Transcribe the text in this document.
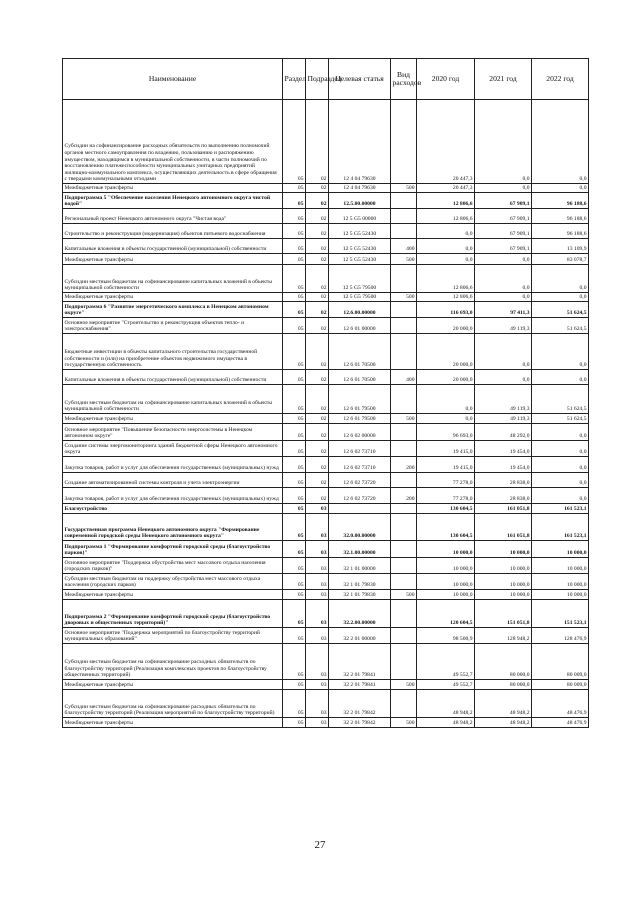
Наименование	Раздел	Подраздел	Целевая статья	Вид расходов	2020 год	2021 год	2022 год
Субсидии на софинансирование расходных обязательств по выполнению полномочий органов местного самоуправления по владению, пользованию и распоряжению имуществом, находящимся в муниципальной собственности, в части полномочий по восстановлению платежеспособности муниципальных унитарных предприятий жилищно-коммунального комплекса, осуществляющих деятельность в сфере обращения с твердыми коммунальными отходами	05	02	12 4 04 79630		20 447,3	0,0	0,0
Межбюджетные трансферты	05	02	12 4 04 79630	500	20 447,3	0,0	0,0
Подпрограмма 5 "Обеспечение населения Ненецкого автономного округа чистой водой"	05	02	12.5.00.00000		12 806,6	67 909,1	96 188,6
Региональный проект Ненецкого автономного округа "Чистая вода"	05	02	12 5 G5 00000		12 806,6	67 909,1	96 188,6
Строительство и реконструкция (модернизация) объектов питьевого водоснабжения	05	02	12 5 G5 52430		0,0	67 909,1	96 188,6
Капитальные вложения в объекты государственной (муниципальной) собственности	05	02	12 5 G5 52430	400	0,0	67 909,1	13 109,9
Межбюджетные трансферты	05	02	12 5 G5 52430	500	0,0	0,0	83 078,7
Субсидии местным бюджетам на софинансирование капитальных вложений в объекты муниципальной собственности	05	02	12 5 G5 79500		12 806,6	0,0	0,0
Межбюджетные трансферты	05	02	12 5 G5 79500	500	12 806,6	0,0	0,0
Подпрограмма 6 "Развитие энергетического комплекса в Ненецком автономном округе"	05	02	12.6.00.00000		116 693,0	97 411,3	51 624,5
Основное мероприятие "Строительство и реконструкция объектов тепло- и электроснабжения"	05	02	12 6 01 00000		20 000,0	49 119,3	51 624,5
Бюджетные инвестиции в объекты капитального строительства государственной собственности и (или) на приобретение объектов недвижимого имущества в государственную собственность	05	02	12 6 01 70500		20 000,0	0,0	0,0
Капитальные вложения в объекты государственной (муниципальной) собственности	05	02	12 6 01 70500	400	20 000,0	0,0	0,0
Субсидии местным бюджетам на софинансирование капитальных вложений в объекты муниципальной собственности	05	02	12 6 01 79500		0,0	49 119,3	51 624,5
Межбюджетные трансферты	05	02	12 6 01 79500	500	0,0	49 119,3	51 624,5
Основное мероприятие "Повышение безопасности энергосистемы в Ненецком автономном округе"	05	02	12 6 02 00000		96 693,0	48 292,0	0,0
Создание системы энергомониторинга зданий бюджетной сферы Ненецкого автономного округа	05	02	12 6 02 73710		19 415,0	19 454,0	0,0
Закупка товаров, работ и услуг для обеспечения государственных (муниципальных) нужд	05	02	12 6 02 73710	200	19 415,0	19 454,0	0,0
Создание автоматизированной системы контроля и учета электроэнергии	05	02	12 6 02 73720		77 278,0	28 838,0	0,0
Закупка товаров, работ и услуг для обеспечения государственных (муниципальных) нужд	05	02	12 6 02 73720	200	77 278,0	28 838,0	0,0
Благоустройство	05	03			130 604,5	161 051,8	161 523,1
Государственная программа Ненецкого автономного округа "Формирование современной городской среды Ненецкого автономного округа"	05	03	32.0.00.00000		130 604,5	161 051,8	161 523,1
Подпрограмма 1 "Формирование комфортной городской среды (благоустройство парков)"	05	03	32.1.00.00000		10 000,0	10 000,0	10 000,0
Основное мероприятие "Поддержка обустройства мест массового отдыха населения (городских парков)"	05	03	32 1 01 00000		10 000,0	10 000,0	10 000,0
Субсидии местным бюджетам на поддержку обустройства мест массового отдыха населения (городских парков)	05	03	32 1 01 79830		10 000,0	10 000,0	10 000,0
Межбюджетные трансферты	05	03	32 1 01 79830	500	10 000,0	10 000,0	10 000,0
Подпрограмма 2 "Формирование комфортной городской среды (благоустройство дворовых и общественных территорий)"	05	03	32.2.00.00000		120 604,5	151 051,8	151 523,1
Основное мероприятие "Поддержка мероприятий по благоустройству территорий муниципальных образований"	05	03	32 2 01 00000		98 500,9	128 948,2	128 476,9
Субсидии местным бюджетам на софинансирование расходных обязательств по благоустройству территорий (Реализация комплексных проектов по благоустройству общественных территорий)	05	03	32 2 01 79841		49 552,7	80 000,0	80 009,0
Межбюджетные трансферты	05	03	32 2 01 79841	500	49 552,7	80 000,0	80 009,0
Субсидии местным бюджетам на софинансирование расходных обязательств по благоустройству территорий (Реализация мероприятий по благоустройству территорий)	05	03	32 2 01 79842		48 948,2	48 948,2	48 476,9
Межбюджетные трансферты	05	03	32 2 01 79842	500	48 948,2	48 948,2	48 476,9
27
